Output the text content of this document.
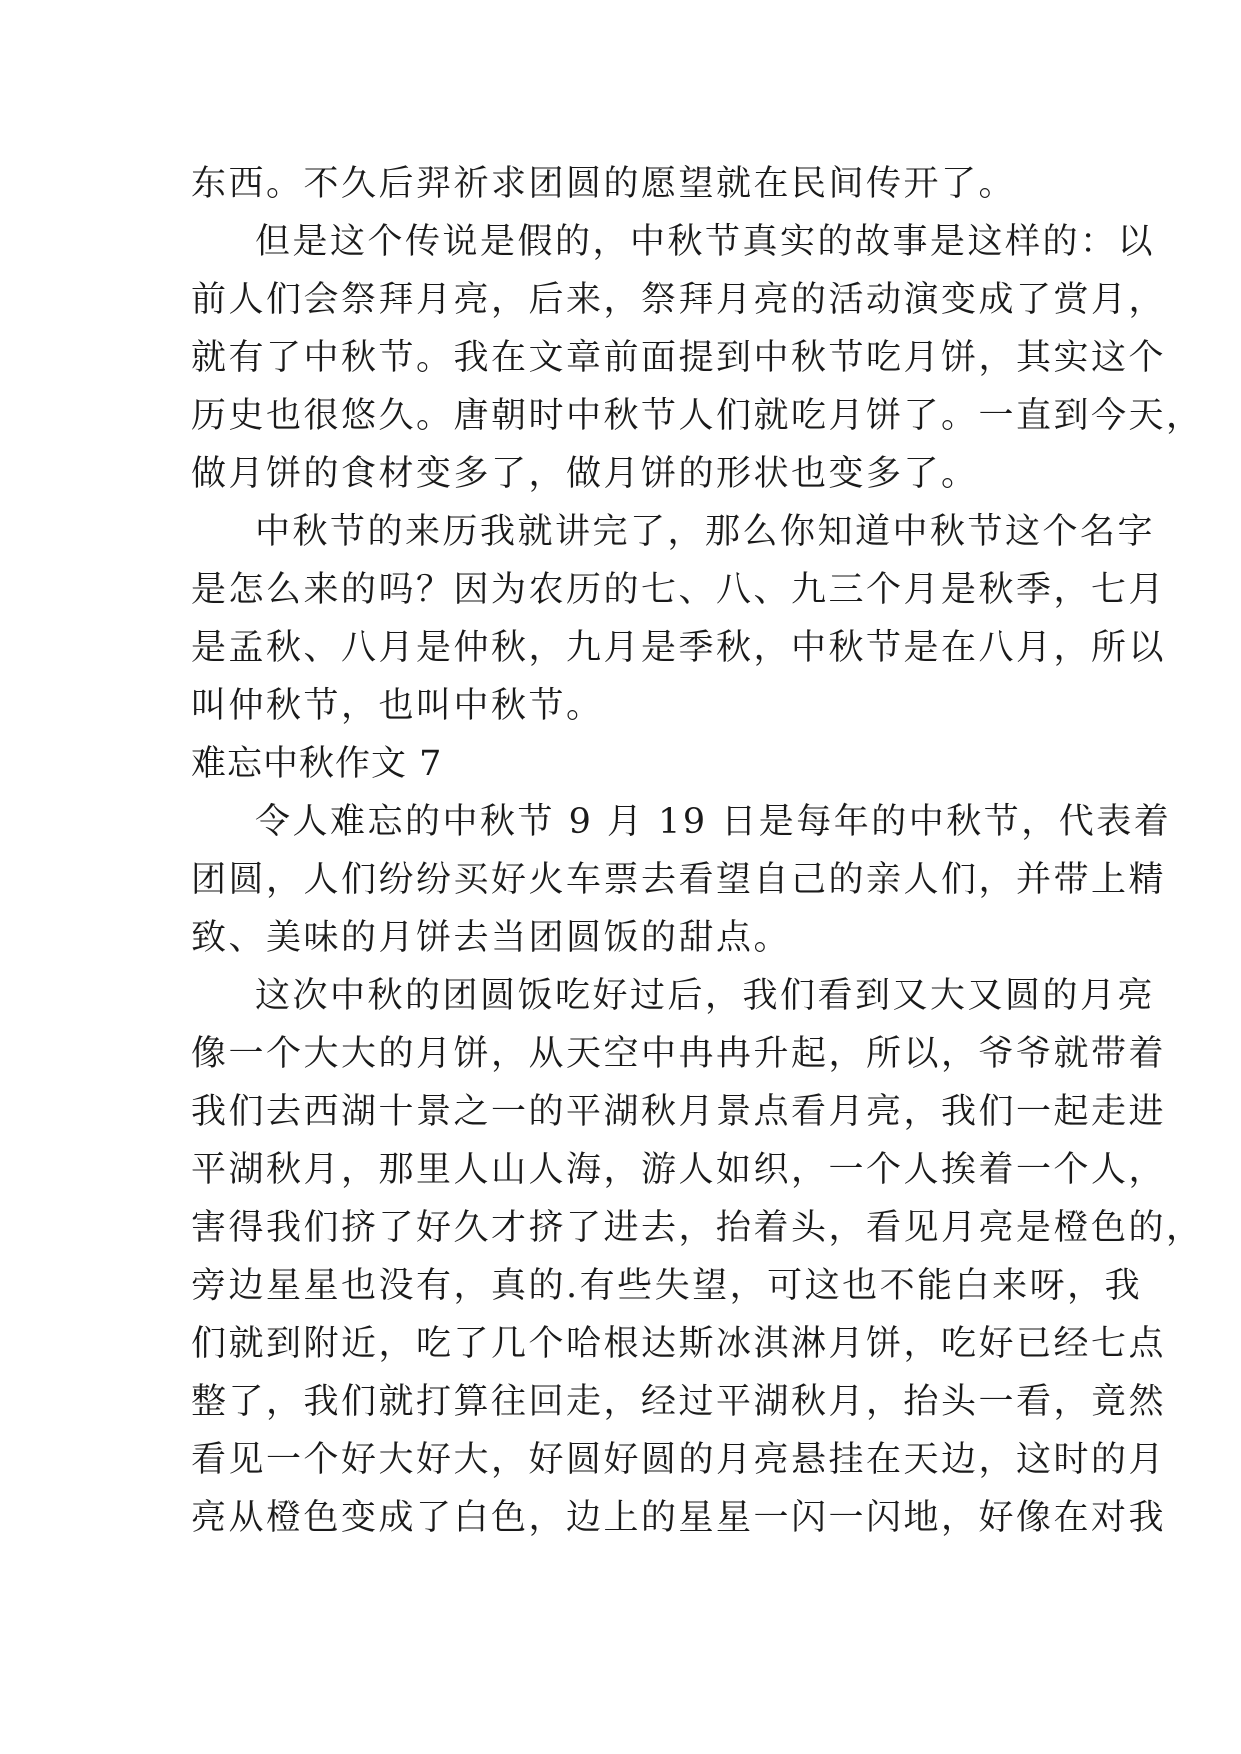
东西。不久后羿祈求团圆的愿望就在民间传开了。
但是这个传说是假的，中秋节真实的故事是这样的：以
前人们会祭拜月亮，后来，祭拜月亮的活动演变成了赏月，
就有了中秋节。我在文章前面提到中秋节吃月饼，其实这个
历史也很悠久。唐朝时中秋节人们就吃月饼了。一直到今天，
做月饼的食材变多了，做月饼的形状也变多了。
中秋节的来历我就讲完了，那么你知道中秋节这个名字
是怎么来的吗？因为农历的七、八、九三个月是秋季，七月
是孟秋、八月是仲秋，九月是季秋，中秋节是在八月，所以
叫仲秋节，也叫中秋节。
难忘中秋作文 7
令人难忘的中秋节 9 月 19 日是每年的中秋节，代表着
团圆，人们纷纷买好火车票去看望自己的亲人们，并带上精
致、美味的月饼去当团圆饭的甜点。
这次中秋的团圆饭吃好过后，我们看到又大又圆的月亮
像一个大大的月饼，从天空中冉冉升起，所以，爷爷就带着
我们去西湖十景之一的平湖秋月景点看月亮，我们一起走进
平湖秋月，那里人山人海，游人如织，一个人挨着一个人，
害得我们挤了好久才挤了进去，抬着头，看见月亮是橙色的，
旁边星星也没有，真的.有些失望，可这也不能白来呀，我
们就到附近，吃了几个哈根达斯冰淇淋月饼，吃好已经七点
整了，我们就打算往回走，经过平湖秋月，抬头一看，竟然
看见一个好大好大，好圆好圆的月亮悬挂在天边，这时的月
亮从橙色变成了白色，边上的星星一闪一闪地，好像在对我
